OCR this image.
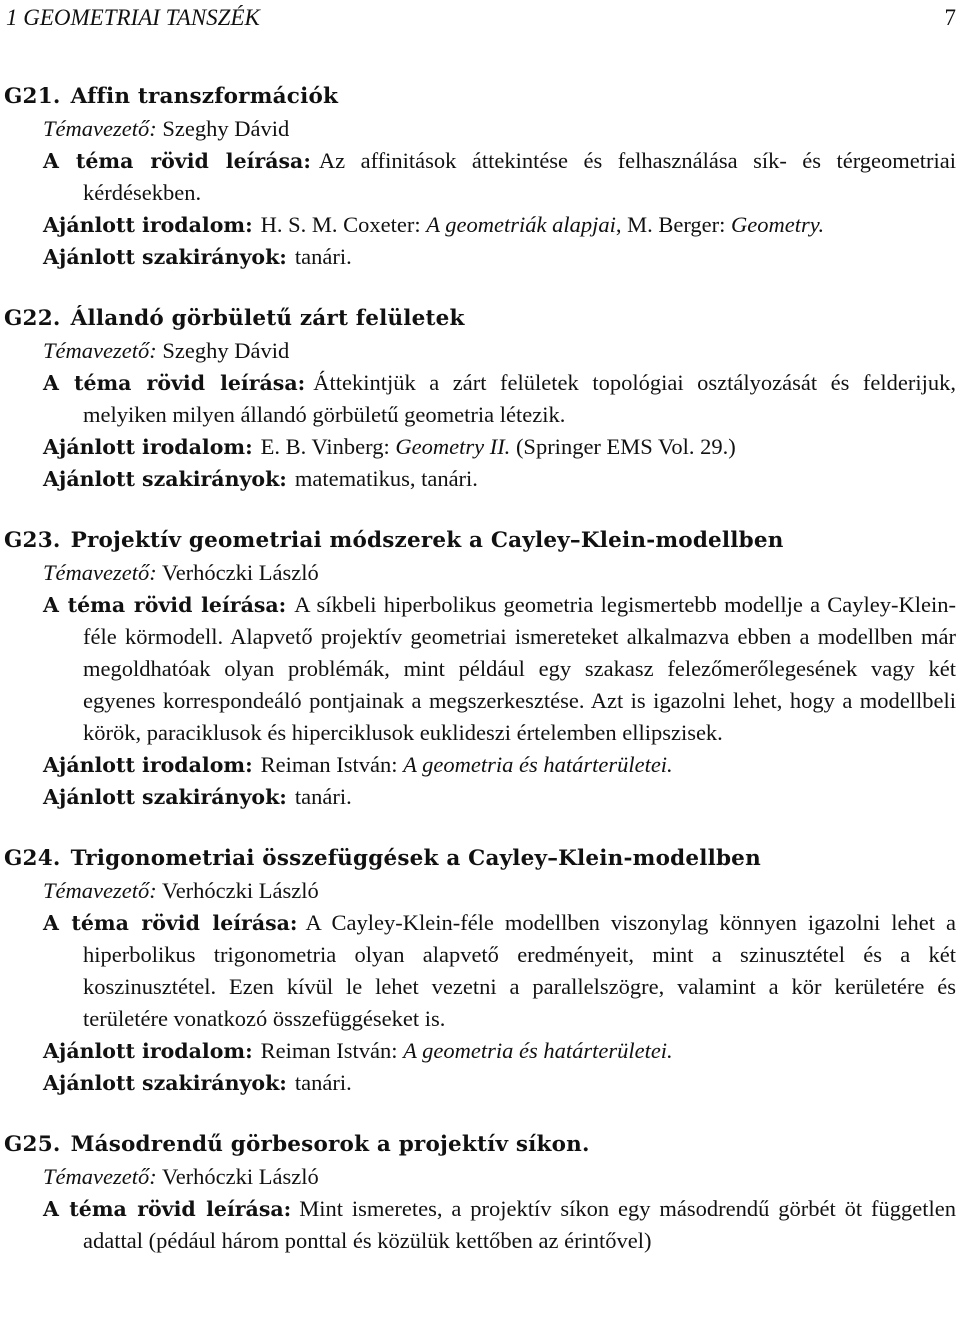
1 GEOMETRIAI TANSZÉK	7
G21. Affin transzformációk
Témavezető: Szeghy Dávid
A téma rövid leírása: Az affinitások áttekintése és felhasználása sík- és térgeometriai kérdésekben.
Ajánlott irodalom: H. S. M. Coxeter: A geometriák alapjai, M. Berger: Geometry.
Ajánlott szakirányok: tanári.
G22. Állandó görbületű zárt felületek
Témavezető: Szeghy Dávid
A téma rövid leírása: Áttekintjük a zárt felületek topológiai osztályozását és felderijuk, melyiken milyen állandó görbületű geometria létezik.
Ajánlott irodalom: E. B. Vinberg: Geometry II. (Springer EMS Vol. 29.)
Ajánlott szakirányok: matematikus, tanári.
G23. Projektív geometriai módszerek a Cayley–Klein-modellben
Témavezető: Verhóczki László
A téma rövid leírása: A síkbeli hiperbolikus geometria legismertebb modellje a Cayley-Klein-féle körmodell. Alapvető projektív geometriai ismereteket alkalmazva ebben a modellben már megoldhatóak olyan problémák, mint például egy szakasz felezőmerőlegesének vagy két egyenes korrespondeáló pontjainak a megszerkesztése. Azt is igazolni lehet, hogy a modellbeli körök, paraciklusok és hiperciklusok euklideszi értelemben ellipszisek.
Ajánlott irodalom: Reiman István: A geometria és határterületei.
Ajánlott szakirányok: tanári.
G24. Trigonometriai összefüggések a Cayley–Klein-modellben
Témavezető: Verhóczki László
A téma rövid leírása: A Cayley-Klein-féle modellben viszonylag könnyen igazolni lehet a hiperbolikus trigonometria olyan alapvető eredményeit, mint a szinusztétel és a két koszinusztétel. Ezen kívül le lehet vezetni a parallelszögre, valamint a kör kerületére és területére vonatkozó összefüggéseket is.
Ajánlott irodalom: Reiman István: A geometria és határterületei.
Ajánlott szakirányok: tanári.
G25. Másodrendű görbesorok a projektív síkon.
Témavezető: Verhóczki László
A téma rövid leírása: Mint ismeretes, a projektív síkon egy másodrendű görbét öt független adattal (pédául három ponttal és közülük kettőben az érintővel)
